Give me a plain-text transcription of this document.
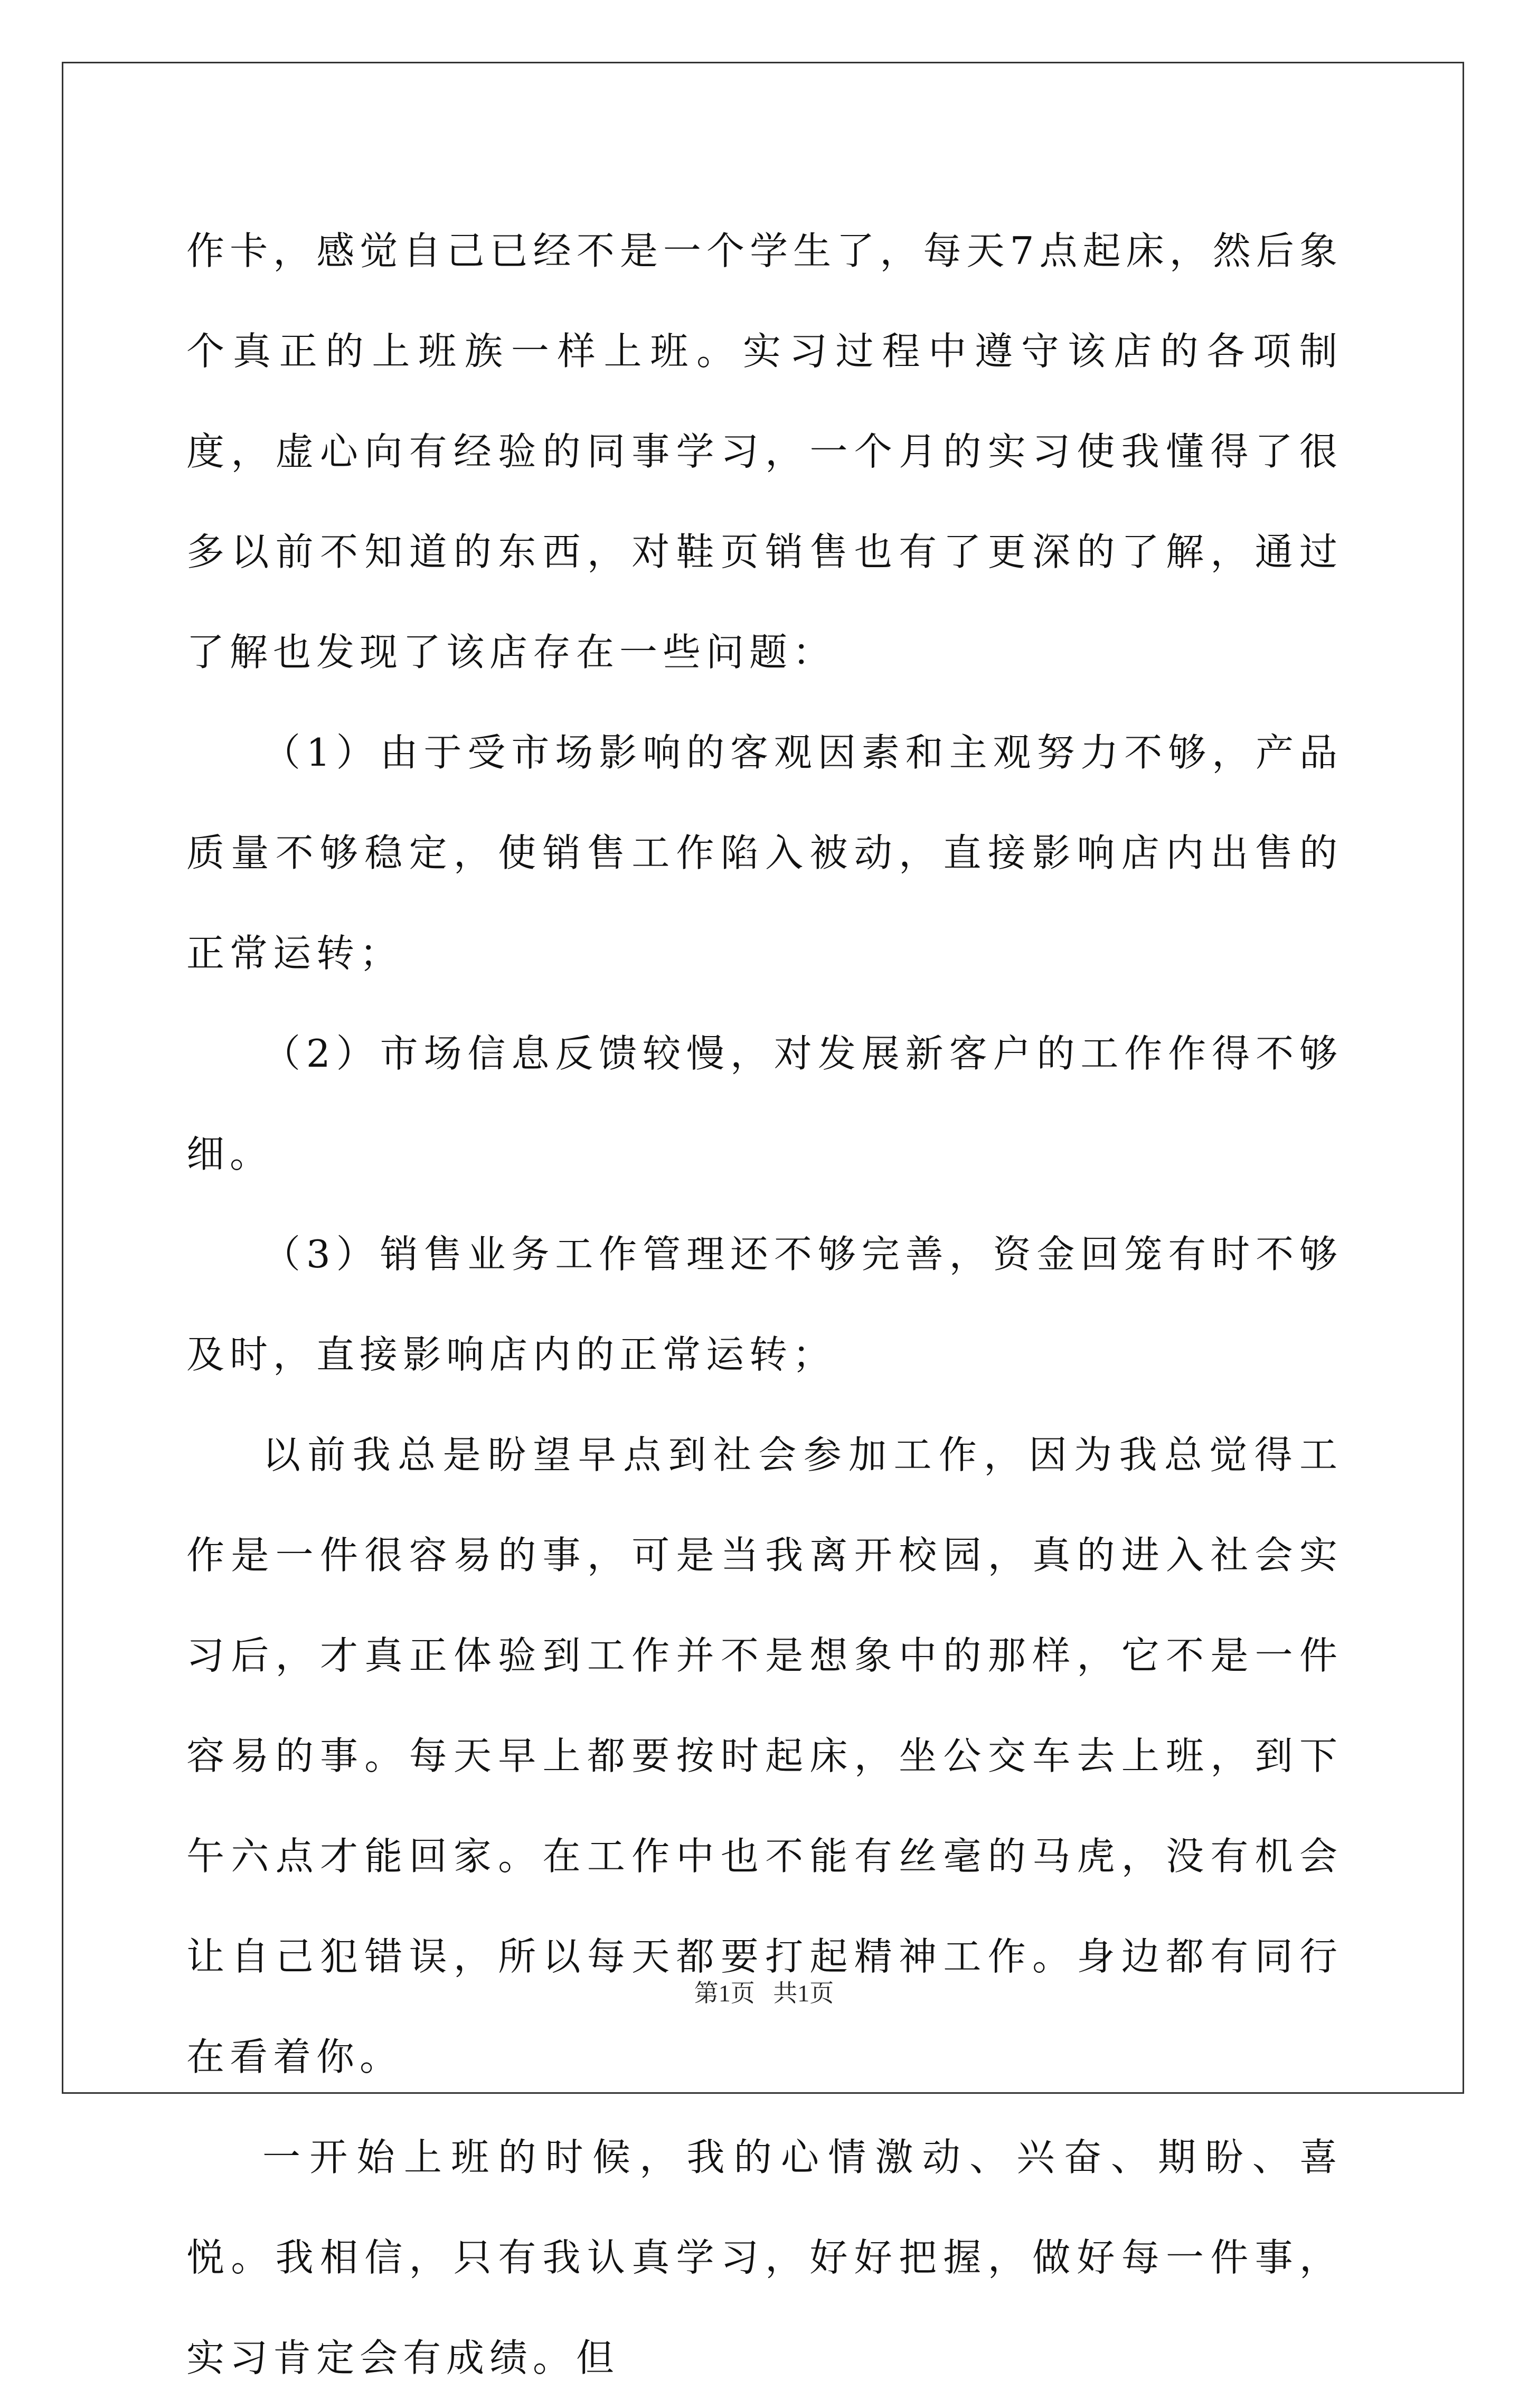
作卡，感觉自己已经不是一个学生了，每天7点起床，然后象个真正的上班族一样上班。实习过程中遵守该店的各项制度，虚心向有经验的同事学习，一个月的实习使我懂得了很多以前不知道的东西，对鞋页销售也有了更深的了解，通过了解也发现了该店存在一些问题：

（1）由于受市场影响的客观因素和主观努力不够，产品质量不够稳定，使销售工作陷入被动，直接影响店内出售的正常运转；

（2）市场信息反馈较慢，对发展新客户的工作作得不够细。

（3）销售业务工作管理还不够完善，资金回笼有时不够及时，直接影响店内的正常运转；

以前我总是盼望早点到社会参加工作，因为我总觉得工作是一件很容易的事，可是当我离开校园，真的进入社会实习后，才真正体验到工作并不是想象中的那样，它不是一件容易的事。每天早上都要按时起床，坐公交车去上班，到下午六点才能回家。在工作中也不能有丝毫的马虎，没有机会让自己犯错误，所以每天都要打起精神工作。身边都有同行在看着你。

一开始上班的时候，我的心情激动、兴奋、期盼、喜悦。我相信，只有我认真学习，好好把握，做好每一件事，实习肯定会有成绩。但

第1页   共1页
